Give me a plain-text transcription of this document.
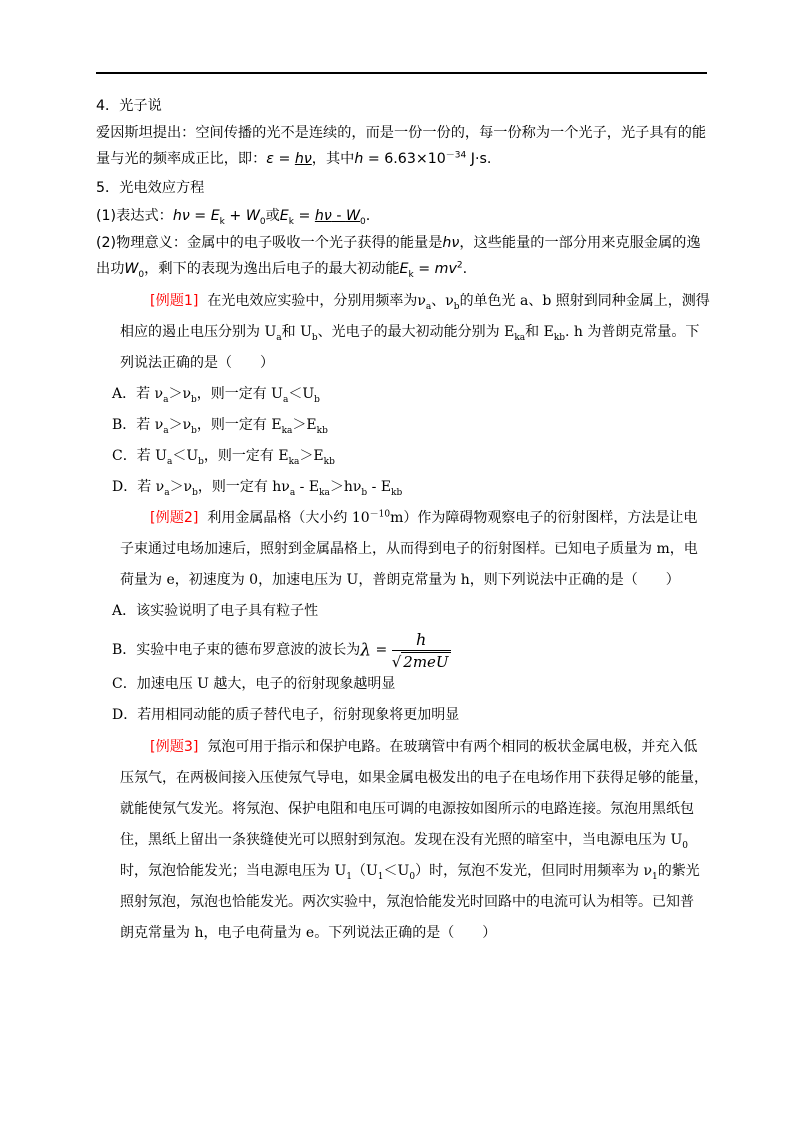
4．光子说
爱因斯坦提出：空间传播的光不是连续的，而是一份一份的，每一份称为一个光子，光子具有的能
量与光的频率成正比，即：ε = hν，其中$h = 6.63\times 10^{-34}$ J·s.
5．光电效应方程
(1)表达式：$h\nu = E_k + W_0$或$E_k = h\nu - W_0$.
(2)物理意义：金属中的电子吸收一个光子获得的能量是hν，这些能量的一部分用来克服金属的逸
出功$W_0$，剩下的表现为逸出后电子的最大初动能$E_k = mv^2$.
[例题1] 在光电效应实验中，分别用频率为$\nu_a$、$\nu_b$的单色光 a、b 照射到同种金属上，测得
相应的遏止电压分别为 $U_a$和 $U_b$、光电子的最大初动能分别为 $E_{ka}$和 $E_{kb}$. h 为普朗克常量。下
列说法正确的是（　　）
A．若 $\nu_a>\nu_b$，则一定有 $U_a<U_b$
B．若 $\nu_a>\nu_b$，则一定有 $E_{ka}>E_{kb}$
C．若 $U_a<U_b$，则一定有 $E_{ka}>E_{kb}$
D．若 $\nu_a>\nu_b$，则一定有 $h\nu_a - E_{ka}>h\nu_b - E_{kb}$
[例题2] 利用金属晶格（大小约 $10^{-10}m$）作为障碍物观察电子的衍射图样，方法是让电
子束通过电场加速后，照射到金属晶格上，从而得到电子的衍射图样。已知电子质量为 m，电
荷量为 e，初速度为 0，加速电压为 U，普朗克常量为 h，则下列说法中正确的是（　　）
A．该实验说明了电子具有粒子性
B．实验中电子束的德布罗意波的波长为$\lambda = \frac{h}{\text{√ 2meU}}$
C．加速电压 U 越大，电子的衍射现象越明显
D．若用相同动能的质子替代电子，衍射现象将更加明显
[例题3] 氖泡可用于指示和保护电路。在玻璃管中有两个相同的板状金属电极，并充入低
压氖气，在两极间接入压使氖气导电，如果金属电极发出的电子在电场作用下获得足够的能量，
就能使氖气发光。将氖泡、保护电阻和电压可调的电源按如图所示的电路连接。氖泡用黑纸包
住，黑纸上留出一条狭缝使光可以照射到氖泡。发现在没有光照的暗室中，当电源电压为 $U_0$
时，氖泡恰能发光；当电源电压为 $U_1(U_1<U_0)$时，氖泡不发光，但同时用频率为 $\nu_1$的紫光
照射氖泡，氖泡也恰能发光。两次实验中，氖泡恰能发光时回路中的电流可认为相等。已知普
朗克常量为 h，电子电荷量为 e。下列说法正确的是（　　）
